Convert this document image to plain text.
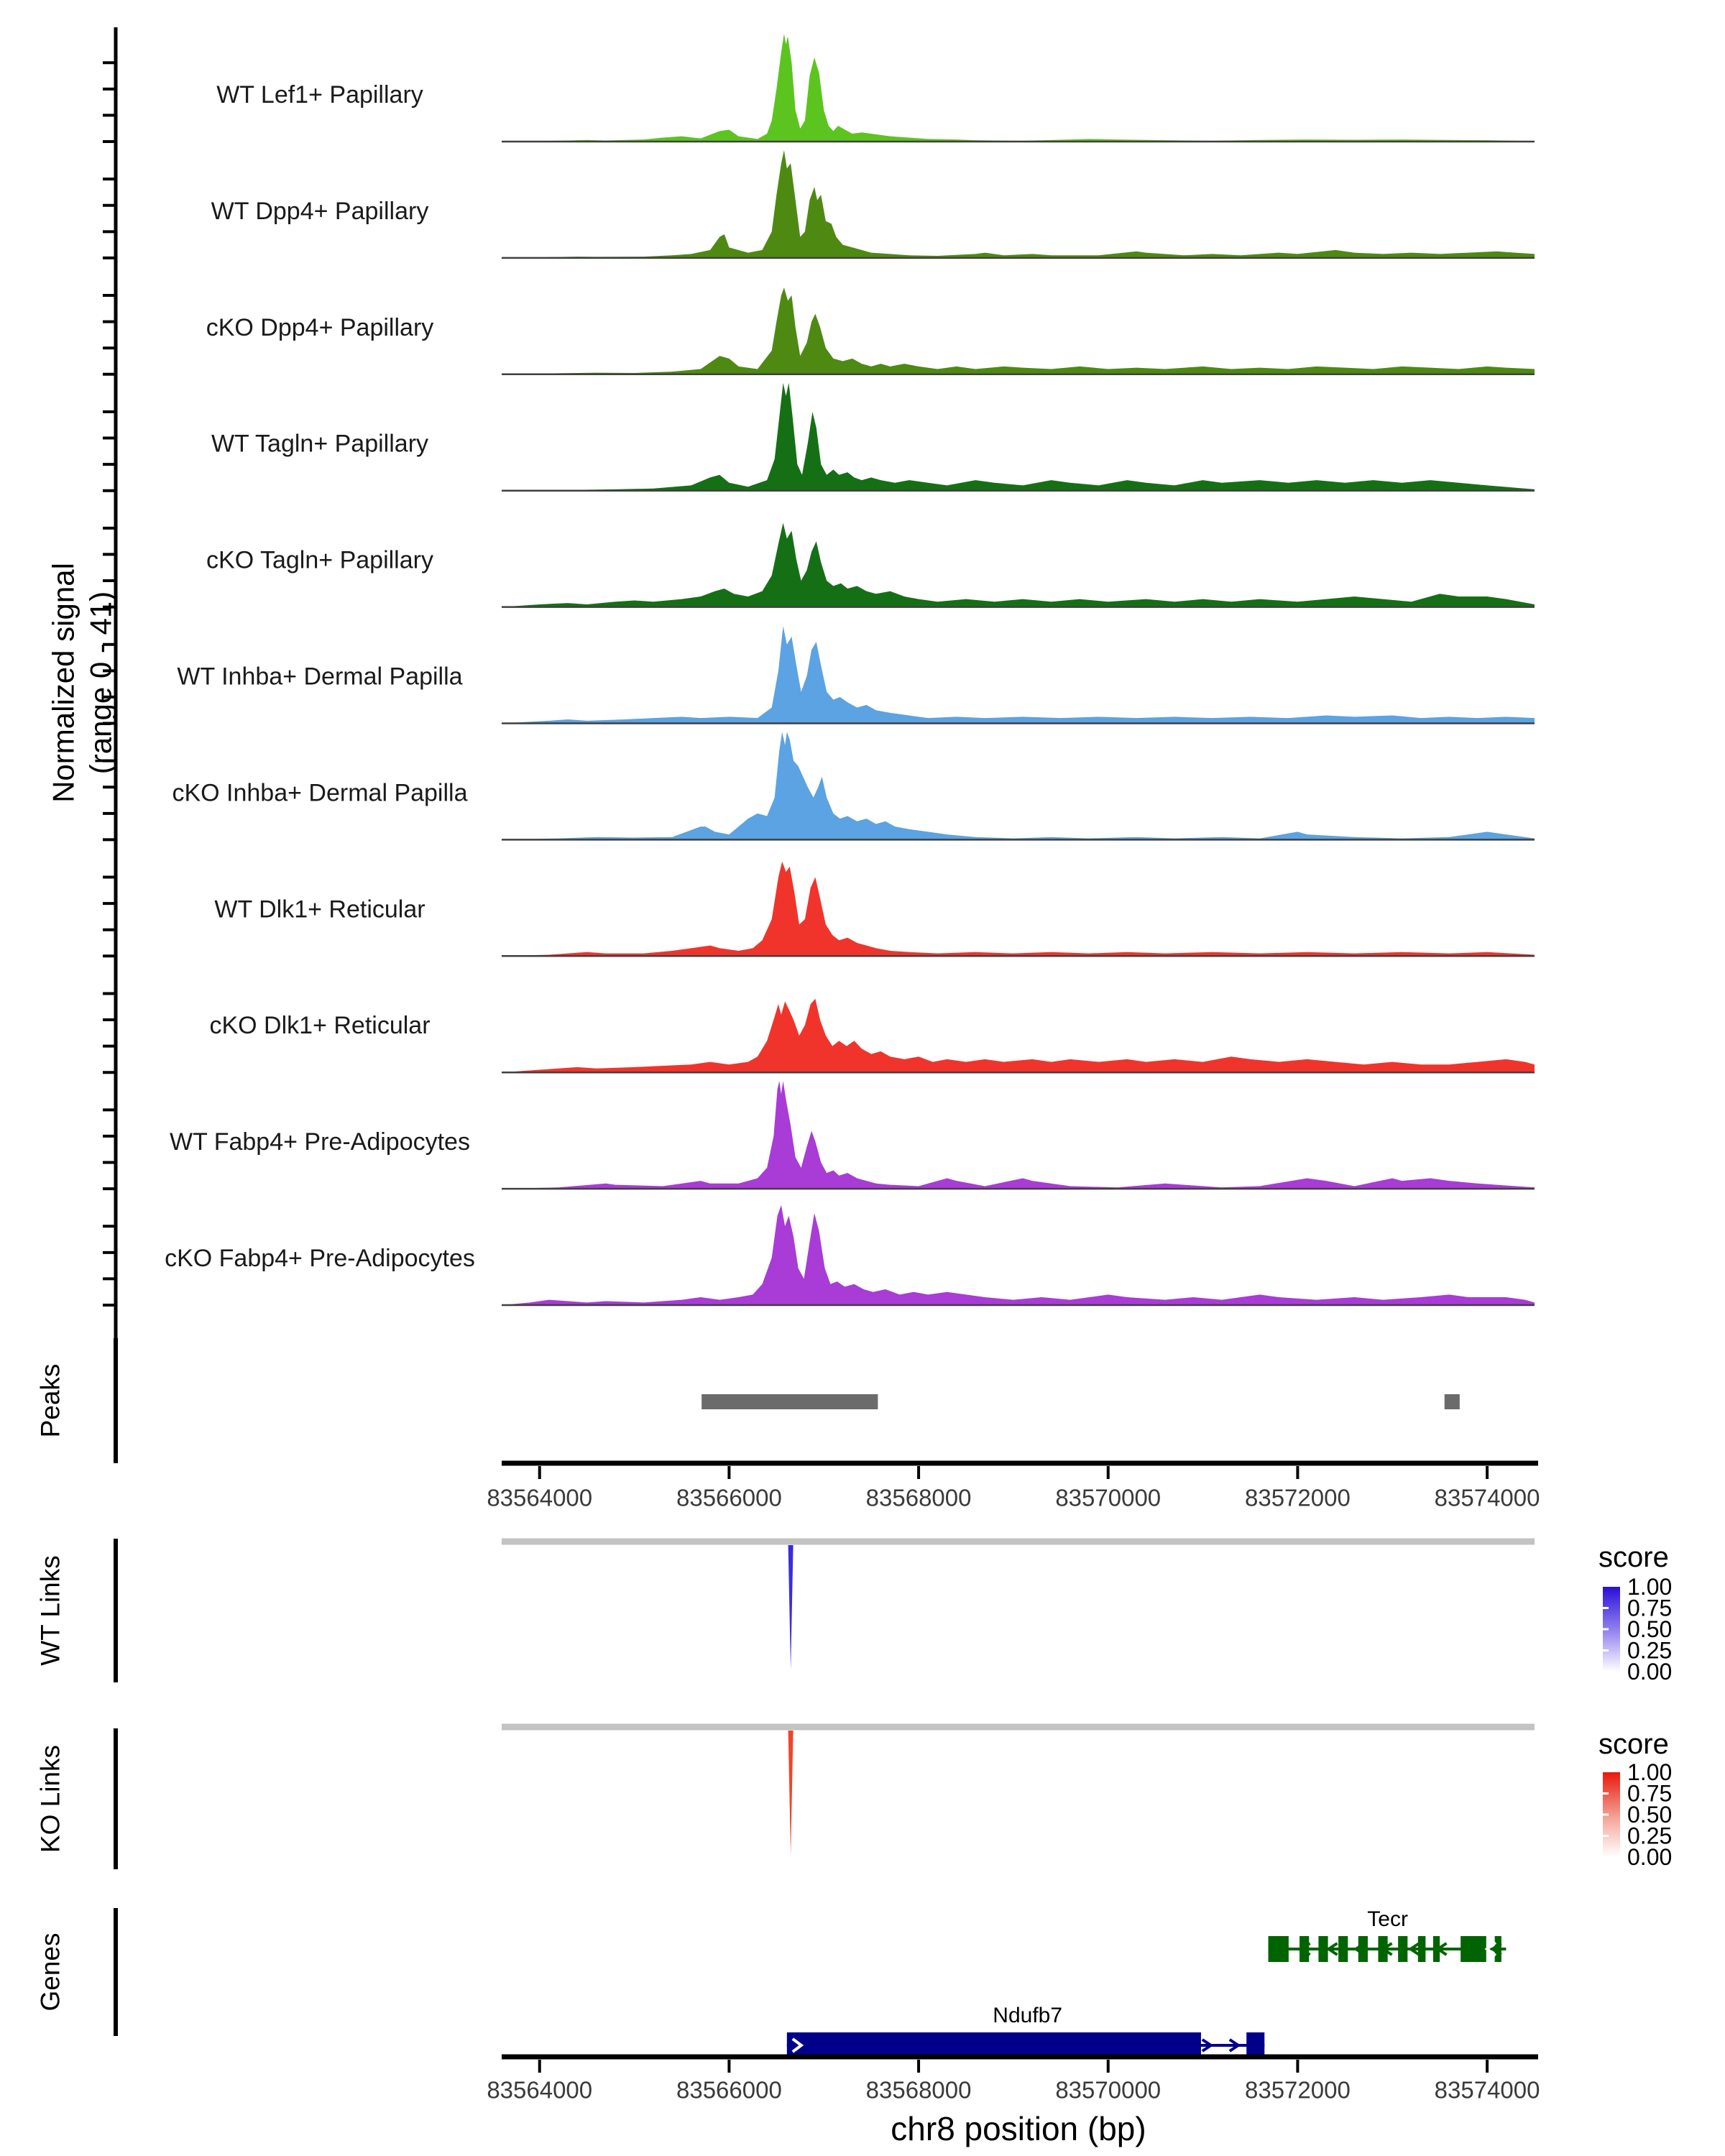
Normalized signal (range 0 - 41)
WT Lef1+ Papillary
WT Dpp4+ Papillary
cKO Dpp4+ Papillary
WT Tagln+ Papillary
cKO Tagln+ Papillary
WT Inhba+ Dermal Papilla
cKO Inhba+ Dermal Papilla
WT Dlk1+ Reticular
cKO Dlk1+ Reticular
WT Fabp4+ Pre-Adipocytes
cKO Fabp4+ Pre-Adipocytes
Peaks
83564000	83566000	83568000	83570000	83572000	83574000
WT Links	score
1.00
0.75
0.50
0.25
0.00
KO Links
score
1.00
0.75
0.50
0.25
0.00
Genes
Tecr
Ndufb7
83564000	83566000	83568000	83570000	83572000	83574000
chr8 position (bp)
